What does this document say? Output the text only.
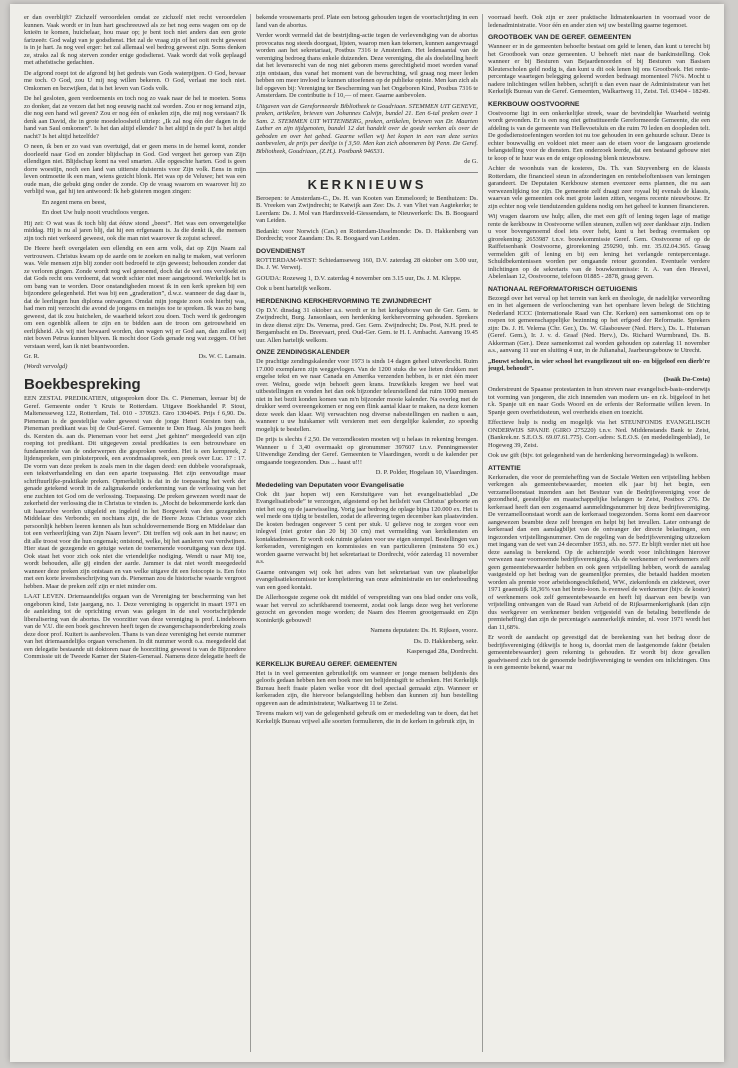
er dan overblijft? Zichzelf veroordelen omdat ze zichzelf niet recht veroordelen kunnen. Vaak wordt er in hun hart geschreeuwd als ze het nog eens wagen om op de knieën te komen, huichelaar, hou maar op; je bent toch niet anders dan een grote farizeeër. God walgt van je godsdienst. Het zal de vraag zijn of het ooit recht geweest is in je hart. Ja nog veel erger: het zal allemaal wel bedrog geweest zijn. Soms denken ze, straks zal ik nog sterven zonder enige godsdienst. Vaak wordt dat volk geplaagd met atheïstische gedachten.

De afgrond roept tot de afgrond bij het gedruis van Gods waterpijpen. O God, bevaar me toch. O God, zou U mij nog willen bekeren. O God, verlaat me toch niet. Omkomen en bezwijken, dat is het leven van Gods volk.

De hel gesloten, geen verdoemenis en toch nog zo vaak naar de hel te moeten. Soms zo donker, dat ze vrezen dat het nog eeuwig nacht zal worden. Zou er nog iemand zijn, die nog een hand wil geven? Zou er nog één of enkelen zijn, die mij nog verstaan? Ik denk aan David, die in grote moedeloosheid uitriep: „Ik zal nog één der dagen in de hand van Saul omkomen”. Is het dan altijd ellende? Is het altijd in de put? Is het altijd nacht? Is het altijd hetzelfde?

O neen, ik ben er zo vast van overtuigd, dat er geen mens in de hemel komt, zonder doorleefd naar God en zonder blijdschap in God. God vergeet het geroep van Zijn ellendigen niet. Blijdschap komt na veel smarten. Alle opgeschte harten. God is geen dorre woestijn, noch een land van uitterste duisternis voor Zijn volk. Eens in mijn leven ontmoette ik een man, wiens gezicht blonk. Het was op de Veluwe; het was een oude man, die gebukt ging onder de zonde. Op de vraag waarom en waarover hij zo verblijd was, gaf hij ten antwoord: Ik heb gisteren mogen zingen:

En zegent mens en beest,

En doet Uw hulp nooit vruchtloos vergen.

Hij zei: O wat was ik toch blij dat ééuw stond „beest”. Het was een onvergetelijke middag. Hij is nu al jaren blij, dat hij een erfgenaam is. Ja die denkt ik, die mensen zijn toch niet verkeerd geweest, ook die man niet waarover ik zojuist schreef.

De Heere heeft overgelaten een ellendig en een arm volk, dat op Zijn Naam zal vertrouwen. Christus kwam op de aarde om te zoeken en nalig te maken, wat verloren was. Vele mensen zijn blij zonder ooit bedroefd te zijn geweest; behouden zonder dat ze verloren gingen. Zonde wordt nog wel genoemd, doch dat de wet ons vervloekt en dat Gods recht ons verdoemt, dat wordt schier niet meer aangetoond. Werkelijk het is om bang van te worden. Door onstandigheden moest ik in een kerk spreken bij een bijzondere gelegenheid. Het was bij een „graderation”, d.w.z. wanneer de dag daar is, dat de leerlingen hun diploma ontvangen. Omdat mijn jongste zoon ook hierbij was, had men mij verzocht die avond de jongens en meisjes toe te spreken. Ik was zo bang geweest, dat ik zou huichelen, de waarheid tekort zou doen. Toch werd ik gedrongen om een ogenblik alleen te zijn en te bidden aan de troon om getrouwheid en eerlijkheid. Als wij niet bewaard worden, dan wagen wij er God aan, dan zullen wij niet boven Petrus kunnen blijven. Ik mocht door Gods genade nog wat zeggen. Of het verstaan werd, kan ik niet beantwoorden.

Gr. R.	Ds. W. C. Lamain.

(Wordt vervolgd)

Boekbespreking

EEN ZESTAL PREDIKATIEN, uitgesproken door Ds. C. Pieneman, leeraar bij de Geref. Gemeente onder 't Kruis te Rotterdam. Uitgave Boekhandel P. Stout, Maltenesseweg 122, Rotterdam, Tel. 010 - 370923. Giro 1304045. Prijs f 6,90. Ds. Pieneman is de geestelijke vader geweest van de jonge Henri Kersten toen ds. Pieneman predikant was bij de Oud-Geref. Gemeente te Den Haag. Als jonges heeft ds. Kersten ds. aan ds. Pieneman voor het eerst „het gehinn” meegedeeld van zijn roeping tot predikant. Dit uitgegeven zestal predikaties is een betrouwbare en fundamentele van de onderwerpen die gesproken werden. Het is een kernpreek, 2 lijdenspreken, een pinksterpreek, een avondmaalspreek, een preek over Luc. 17 : 17. De vorm van deze preken is zoals men in die dagen deed: een dubbele voorafspraak, een tekstverhandeling en dan een aparte toepassing. Het zijn eenvoudige maar schriftuurlijke-praktikale preken. Opmerkelijk is dat in de toepassing het werk der genade getekend wordt in de zaligmakende onderkenning van de verlossing van het ene zuchten tot God om de verlossing. Toepassing. De preken gewezen wordt naar de zekerheid der verlossing die in Christus te vinden is. „Mocht de bekommerde kerk dan uit haarzelve worden uitgeleid en ingeleid in het Borgwerk van den gezegenden Middelaar des Verbonds; en nochtans zijn, die de Heere Jezus Christus voor zich persoonlijk hebben leeren kennen als hun schuldovernemende Borg en Middelaar dan tot een verheerlijking van Zijn Naam leven”. Dit treffen wij ook aan in het nauw; en dit alle troost voor die hun ongemak; ontstond, welke, bij het aanleren van verdwijnen. Hier staat de gezegende en getuige weten de toenemende vooruitgang van deze tijd. Ook staat het voor zich ook niet die vriendelijke nodiging. Wendt u naar Mij toe, wordt behouden, alle gij einden der aarde. Jammer is dat niet wordt meegedeeld wanneer deze preken zijn ontstaan en van welke uitgave dit een fotocopie is. Een foto met een korte levensbeschrijving van ds. Pieneman zou de historische waarde vergroot hebben. Maar de preken zelf zijn er niet minder om.

LAAT LEVEN. Driemaandelijks orgaan van de Vereniging ter bescherming van het ongeboren kind, 1ste jaargang, no. 1. Deze vereniging is opgericht in maart 1971 en de aanleiding tot de oprichting ervan was gelegen in de snel voortschrijdende liberalisering van de abortus. De voorzitter van deze vereniging is prof. Lindeboom van de V.U. die een boek geschreven heeft tegen de zwangerschapsonderbreking zoals deze door prof. Kuitert is aanbevolen. Thans is van deze vereniging het eerste nummer van het driemaandelijks orgaan verschenen. In dit nummer wordt o.a. meegedeeld dat een delegatie bestaande uit doktoren naar de hoorzitting geweest is van de Bijzondere Commissie uit de Tweede Kamer der Staten-Generaal. Namens deze delegatie heeft de

bekende vrouwenarts prof. Plate een betoog gehouden tegen de voortschrijding in een land van de abortus.

Verder wordt vermeld dat de bestrijding-actie tegen de verlevendiging van de abortus provocatus nog steeds doorgaat, lijsten, waarop men kan tekenen, kunnen aangevraagd worden aan het sekretariaat, Postbus 7316 te Amsterdam. Het ledenaantal van de vereniging bedroeg thans enkele duizenden. Deze vereniging, die als doelstelling heeft dat het levensrecht van de nog niet geboren mens gerechtigheid moet worden vanaf zijn ontstaan, dus vanaf het moment van de bevruchting, wil graag nog meer leden hebben om meer invloed te kunnen uitoefenen op de publieke opinie. Men kan zich als lid opgeven bij: Vereniging ter Bescherming van het Ongeboren Kind, Postbus 7316 te Amsterdam. De contributie is f 10,— of meer. Gaarne aanbevolen.

Uitgaven van de Gereformeerde Bibliotheek te Goudriaan. STEMMEN UIT GENEVE, preken, artikelen, brieven van Johannes Calvijn, bundel 21. Een 6-tal preken over 1 Sam. 2. STEMMEN UIT WITTENBERG, preken, artikelen, brieven van Dr. Maarten Luther en zijn tijdgenoten, bundel 12 dat handelt over de goede werken als over de geboden en over het gebed. Gaarne willen wij het kopen in een van deze series aanbevelen, de prijs per deeltje is f 3,50. Men kan zich abonneren bij Penn. De Geref. Bibliotheek, Goudriaan, (Z.H.). Postbank 946531.

de G.

KERKNIEUWS

Beroepen: te Amsterdam-C., Ds. H. van Kooten van Emmeloord; te Benthuizen: Ds. B. Vreeken van Zwijndrecht; te Katwijk aan Zee: Ds. J. van Vliet van Aagtekerke; te Leerdam: Ds. J. Mol van Hardinxveld-Giessendam, te Nieuwerkerk: Ds. B. Boogaard van Leiden.

Bedankt: voor Norwich (Can.) en Rotterdam-IJsselmonde: Ds. D. Hakkenberg van Dordrecht; voor Zaandam: Ds. R. Boogaard van Leiden.

DOVENDIENST

ROTTERDAM-WEST: Schiedamseweg 160, D.V. zaterdag 28 oktober om 3.00 uur, Ds. J. W. Verweij.

GOUDA: Rozeweg 1, D.V. zaterdag 4 november om 3.15 uur, Ds. J. M. Kleppe.

Ook u bent hartelijk welkom.

HERDENKING KERKHERVORMING TE ZWIJNDRECHT

Op D.V. dinsdag 31 oktober a.s. wordt er in het kerkgebouw van de Ger. Gem. te Zwijndrecht, Burg. Jansonlaan, een herdenking kerkhervorming gehouden. Sprekers in deze dienst zijn: Ds. Venema, pred. Ger. Gem. Zwijndrecht; Ds. Post, N.H. pred. te Bergambacht en Ds. Breevaart, pred. Oud-Ger. Gem. te H. I. Ambacht. Aanvang 19.45 uur. Allen hartelijk welkom.

ONZE ZENDINGSKALENDER

De prachtige zendingskalender voor 1973 is sinds 14 dagen geheel uitverkocht. Ruim 17.000 exemplaren zijn weggevlogen. Van de 1200 stuks die we lieten drukken met engelse tekst en we naar Canada en Amerika verzenden hebben, is er niet één meer over. Welnu, goede wijn behoeft geen krans. Inzwikkels kregen we heel wat uitbestellingen en vonden het dan ook bijzonder teleurstellend dat ruim 1000 mensen niet in het bezit konden komen van m'n bijzonder mooie kalender. Na overleg met de drukker werd overeengekomen er nog een flink aantal klaar te maken, na deze komen deze week dan klaar. Wij verwachten nog diverse nabestellingen en nadien u aan, wanneer u uw huiskamer wilt versieren met een dergelijke kalender, zo spoedig mogelijk te bestellen.

De prijs is slechts f 2,50. De verzendkosten moeten wij u helaas in rekening brengen. Wanneer u f 3,40 overmaakt op gironummer 397607 t.n.v. Penningmeester Uitwendige Zending der Geref. Gemeenten te Vlaardingen, wordt u de kalender per omgaande toegezonden. Dus ... haast u!!!

D. P. Polder, Hogelaan 10, Vlaardingen.

Mededeling van Deputaten voor Evangelisatie

Ook dit jaar hopen wij een Kerstuitgave van het evangelisatieblad „De Evangelisatiebode” te verzorgen, afgestemd op het heilsfeit van Christus' geboorte en niet het oog op de jaarwisseling. Vorig jaar bedroeg de oplage bijna 120.000 ex. Het is wel mede ons tijdig te bestellen, zodat de aflevering tegen december kan plaatsvinden. De kosten bedragen ongeveer 5 cent per stuk. U gelieve nog te zorgen voor een inlegvel (niet groter dan 20 bij 30 cm) met vermelding van kerkdiensten en kontaktadressen. Er wordt ook ruimte gelaten voor uw eigen stempel. Bestellingen van kerkeraden, verenigingen en kommissies en van particulieren (minstens 50 ex.) worden gaarne verwacht bij het sekretariaat te Dordrecht, vóór zaterdag 11 november a.s.

Gaarne ontvangen wij ook het adres van het sekretariaat van uw plaatselijke evangelisatiekommissie ter komplettering van onze administratie en ter onderhouding van een goed kontakt.

De Allerhoogste zegene ook dit middel of verspreiding van ons blad onder ons volk, waar het vervul zo schrikbarend toeneemt, zodat ook langs deze weg het verlorene gezocht en gevonden moge worden; de Naam des Heeren grootgemaakt en Zijn Koninkrijk gebouwd!

Namens deputaten: Ds. H. Rijksen, voorz.

Ds. D. Hakkenberg, sekr.

Kaspersgad 28a, Dordrecht.

KERKELIJK BUREAU GEREF. GEMEENTEN

Het is in veel gemeenten gebruikelijk om wanneer er jonge mensen belijdenis des geloofs gedaan hebben hen een boek mee ten belijdenisgift te schenken. Het Kerkelijk Bureau heeft fraaie platen welke voor dit doel speciaal gemaakt zijn. Wanneer er kerkeraden zijn, die hiervoor belangstelling hebben dan kunnen zij hun bestelling opgeven aan de administrateur, Walkartweg 11 te Zeist.

Tevens maken wij van de gelegenheid gebruik om er mededeling van te doen, dat het Kerkelijk Bureau vrijwel alle soorten formulieren, die in de kerken in gebruik zijn, in

voorraad heeft. Ook zijn er zeer praktische lidmatenkaarten in voorraad voor de ledenadministratie. Voor één en ander zien wij uw bestelling gaarne tegemoet.

GROOTBOEK VAN DE GEREF. GEMEENTEN

Wanneer er in de gemeenten behoefte bestaat om geld te lenen, dan kunt u terecht bij het Grootboek van onze gemeenten. U behoeft niet naar de bankinstelling. Ook wanneer er bij Besturen van Bejaardenoorden of bij Besturen van Basisen Kleuterscholen geld nodig is, dan kunt u dit ook lenen bij ons Grootboek. Het rente-percentage waartegen belegging geleend worden bedraagt momenteel 7¾%. Mocht u nadere inlichtingen willen hebben, schrijft u dan even naar de Administrateur van het Kerkelijk Bureau van de Geref. Gemeenten, Walkartweg 11, Zeist. Tel. 03404 - 18249.

KERKBOUW OOSTVOORNE

Oostvoorne ligt in een onkerkelijke streek, waar de bevindelijke Waarheid weinig wordt gevonden. Er is een nog niet geïnstitueerde Gereformeerde Gemeente, die een afdeling is van de gemeente van Hellevoetsluis en die ruim 70 leden en doopleden telt. De godsdienstoefeningen worden tot nu toe gehouden in een gehuurde schuur. Deze is echter bouwvallig en voldoet niet meer aan de eisen voor de langzaam groeiende belangstelling voor de diensten. Een onderzoek leerde, dat een bestaand gebouw niet te koop of te huur was en de enige oplossing blenk nieuwbouw.

Achter de woonhuis van de kosteres, Ds. Th. van Stuyvenberg en de klassis Rotterdam, die financieel steun in afzonderingen en rentebeloftenissen van lemingen garandeert. De Deputaten Kerkbouw stemen evenzeer eens plannen, die nu aan verwezenlijking toe zijn. De gemeente zelf draagt zeer royaal bij evenals de klassis, waarvan vele gemeenten ook met grote lasten zitten, wegens recente nieuwbouw. Er zijn echter nog vele tienduizenden guldens nodig om het geheel te kunnen financieren.

Wij vragen daarom uw hulp; allen, die met een gift of lening tegen lage of matige rente de kerkbouw in Oostvoorne willen steunen, zullen wij zeer dankbaar zijn. Indien u voor bovengenoemd doel iets over hebt, kunt u het bedrag overmaken op girorekening: 2653987 t.n.v. bouwkommissie Geref. Gem. Oostvoorne of op de Raiffeisenbank Oostvoorne, girorekening 259290, tnb. rnr. 35.02.04.365. Graag vermelden gift of lening en bij een lening het verlangde rentepercentage. Schuldbekentenissen worden per omgaande retour gezonden. Eventuele verdere inlichtingen op de sekretaris van de bouwkommissie: Ir. A. van den Heuvel, Abelenlaan 12, Oostvoorne, telefoon 01885 - 2878, graag geven.

NATIONAAL REFORMATORISCH GETUIGENIS

Bezorgd over het verval op het terrein van kerk en theologie, de nadelijke verwording en in het algemeen de verloochening van het openbare leven belegt de Stichting Nederland ICCC (Internationale Raad van Chr. Kerken) een samenkomst om op te roepen tot gemeenschappelijke bezinning op het erfgoed der Reformatie. Sprekers zijn: Ds. J. H. Velema (Chr. Ger.), Ds. W. Glasbouwer (Ned. Herv.), Ds. L. Huisman (Geref. Gem.), Ir. J. v. d. Graaf (Ned. Herv.), Ds. Richard Wurmbrand, Ds. B. Akkerman (Ger.). Deze samenkomst zal worden gehouden op zaterdag 11 november a.s., aanvang 11 uur en sluiting 4 uur, in de Julianahal, Jaarbeursgebouw te Utrecht.

„Bouwt scholen, in wier school het evangeliezout uit on- en bijgeloof een dierb're jeugd, behoudt”.

(Isaäk Da-Costa)

Onderstreunt de Spaanse protestanten in hun streven naar evangelisch-basis-onderwijs tot vorming van jongeren, die zich innemden van modern un- en r.k. bijgeloof in het r.k. Spanje uit en naar Gods Woord en de erfenis der Reformatie willen leven. In Spanje geen overheidssteun, wel overheids eisen en toezicht.

Effectieve hulp is nodig en mogelijk via het STEUNFONDS EVANGELISCH ONDERWIJS SPANJE (GIRO 275220) t.n.v. Ned. Middenstands Bank te Zeist, (Bankrek.nr. S.E.O.S. 69.07.61.775). Corr.-adres: S.E.O.S. (en mededelingenblad), 1e Hogeweg 39, Zeist.

Ook uw gift (bijv. tot gelegenheid van de herdenking hervormingsdag) is welkom.

ATTENTIE

Kerkeraden, die voor de premieheffing van de Sociale Wetten een vrijstelling hebben verkregen als gemeentebewaarder, moeten elk jaar bij het begin, een verzamelloonstaat inzenden aan het Bestuur van de Bedrijfsvereniging voor de gezondheid, geestelijke en maatschappelijke belangen te Zeist, Postbox 276. De kerkeraad heeft dan een zogenaamd aanmeldingsnummer bij deze bedrijfsvereniging. De verzamelloonstaat wordt aan de kerkeraad toegezonden. Soms komt een daarvoor aangewezen beambte deze zelf brengen en helpt bij het invullen. Later ontvangt de kerkeraad dan een aanslagbiljet van de ontvanger der directe belastingen, een ingezonden vrijstellingsnummer. Om de regeling van de bedrijfsvereniging uitzoeken met ingang van de wet van 24 december 1953, stb. no. 577. Er blijft verder niet uit hoe deze aanslag is berekend. Op de achterzijde wordt voor inlichtingen hierover verwezen naar voornoemde bedrijfsvereniging. Als de werknemer of werknemers zelf geen gemeentebewaarder hebben en ook geen vrijstelling hebben, wordt de aanslag vastgesteld op het bedrag van de geamenlijke premies, die betaald hadden moeten worden als premie voor arbeidsongeschiktheid, WW., ziekenfonds en ziektewet, over 1971 geaenstijk 18,36% van het bruto-loon. Is evenwel de werknemer (bijv. de koster) of werknemers ook zelf gemeentebewaarde en heeft hij daarvan een bewijs van vrijstelling ontvangen van de Raad van Arbeid of de Rijksarmenkerigbank (dan zijn dus werkgever en werknemer beiden vrijgesteld van de betaling betreffende de premieheffing) dan zijn de percentage's aanmerkelijk minder, nl. voor 1971 wordt het dan 11,68%.

Er wordt de aandacht op gevestigd dat de berekening van het bedrag door de bedrijfsvereniging (dikwijls te hoog is, doordat men de lastgenomde fakinr (betalen gemeentebewaarder) geen rekening is gehouden. Er wordt bij deze gevallen geadviseerd zich tot de genoemde bedrijfsvereniging te wenden om inlichtingen. Ons is een gemeente bekend, waar nu
